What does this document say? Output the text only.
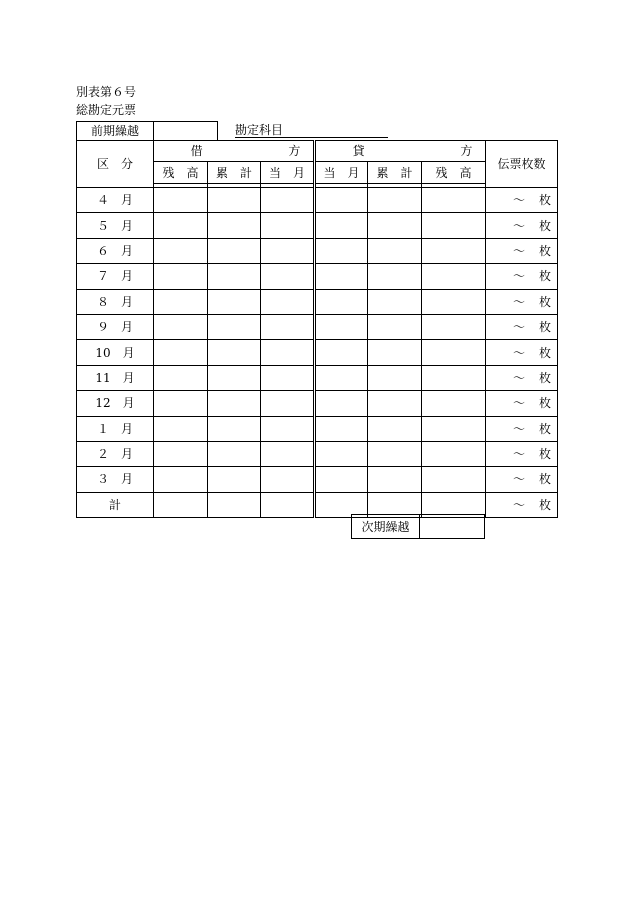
別表第６号
総勘定元票
前期繰越	勘定科目
区　分	借 方			貸 方			伝票枚数
	残　高	累　計	当　月	当　月	累　計	残　高	

４　月							～ 枚
５　月							～ 枚
６　月							～ 枚
７　月							～ 枚
８　月							～ 枚
９　月							～ 枚
10　月							～ 枚
11　月							～ 枚
12　月							～ 枚
１　月							～ 枚
２　月							～ 枚
３　月							～ 枚
計							～ 枚
次期繰越	
